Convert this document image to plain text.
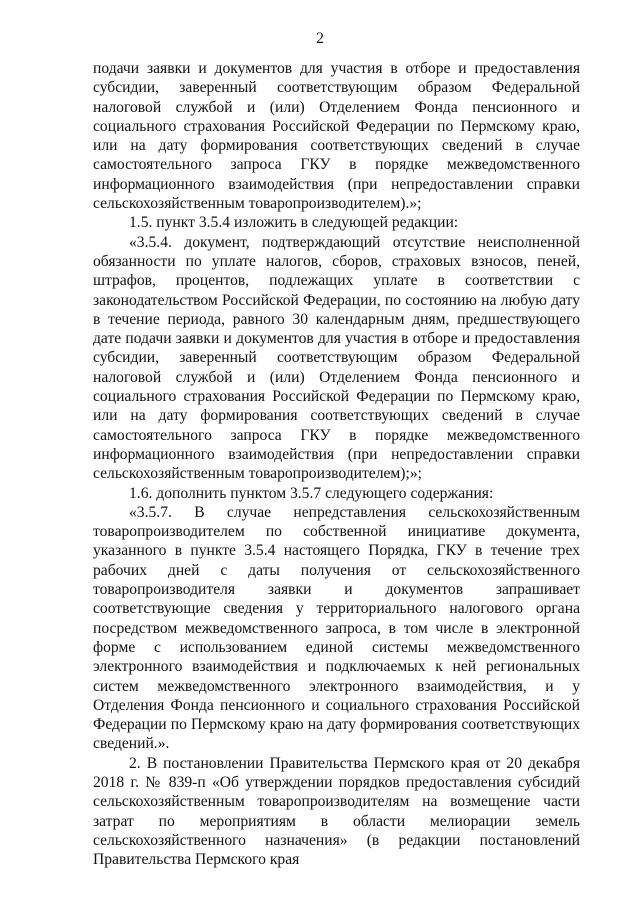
2

подачи заявки и документов для участия в отборе и предоставления субсидии, заверенный соответствующим образом Федеральной налоговой службой и (или) Отделением Фонда пенсионного и социального страхования Российской Федерации по Пермскому краю, или на дату формирования соответствующих сведений в случае самостоятельного запроса ГКУ в порядке межведомственного информационного взаимодействия (при непредоставлении справки сельскохозяйственным товаропроизводителем).»;

1.5. пункт 3.5.4 изложить в следующей редакции:

«3.5.4. документ, подтверждающий отсутствие неисполненной обязанности по уплате налогов, сборов, страховых взносов, пеней, штрафов, процентов, подлежащих уплате в соответствии с законодательством Российской Федерации, по состоянию на любую дату в течение периода, равного 30 календарным дням, предшествующего дате подачи заявки и документов для участия в отборе и предоставления субсидии, заверенный соответствующим образом Федеральной налоговой службой и (или) Отделением Фонда пенсионного и социального страхования Российской Федерации по Пермскому краю, или на дату формирования соответствующих сведений в случае самостоятельного запроса ГКУ в порядке межведомственного информационного взаимодействия (при непредоставлении справки сельскохозяйственным товаропроизводителем);»;

1.6. дополнить пунктом 3.5.7 следующего содержания:

«3.5.7. В случае непредставления сельскохозяйственным товаропроизводителем по собственной инициативе документа, указанного в пункте 3.5.4 настоящего Порядка, ГКУ в течение трех рабочих дней с даты получения от сельскохозяйственного товаропроизводителя заявки и документов запрашивает соответствующие сведения у территориального налогового органа посредством межведомственного запроса, в том числе в электронной форме с использованием единой системы межведомственного электронного взаимодействия и подключаемых к ней региональных систем межведомственного электронного взаимодействия, и у Отделения Фонда пенсионного и социального страхования Российской Федерации по Пермскому краю на дату формирования соответствующих сведений.».

2. В постановлении Правительства Пермского края от 20 декабря 2018 г. № 839-п «Об утверждении порядков предоставления субсидий сельскохозяйственным товаропроизводителям на возмещение части затрат по мероприятиям в области мелиорации земель сельскохозяйственного назначения» (в редакции постановлений Правительства Пермского края
